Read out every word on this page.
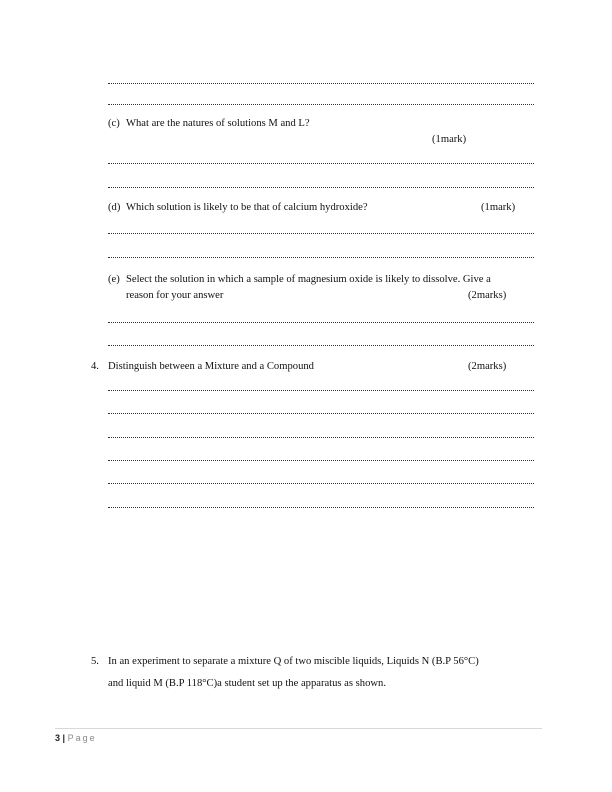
(c) What are the natures of solutions M and L?
(1mark)
(d) Which solution is likely to be that of calcium hydroxide?	(1mark)
(e) Select the solution in which a sample of magnesium oxide is likely to dissolve. Give a
reason for your answer	(2marks)
4. Distinguish between a Mixture and a Compound	(2marks)
5. In an experiment to separate a mixture Q of two miscible liquids, Liquids N (B.P 56°C)
and liquid M (B.P 118°C)a student set up the apparatus as shown.
3 | Page
